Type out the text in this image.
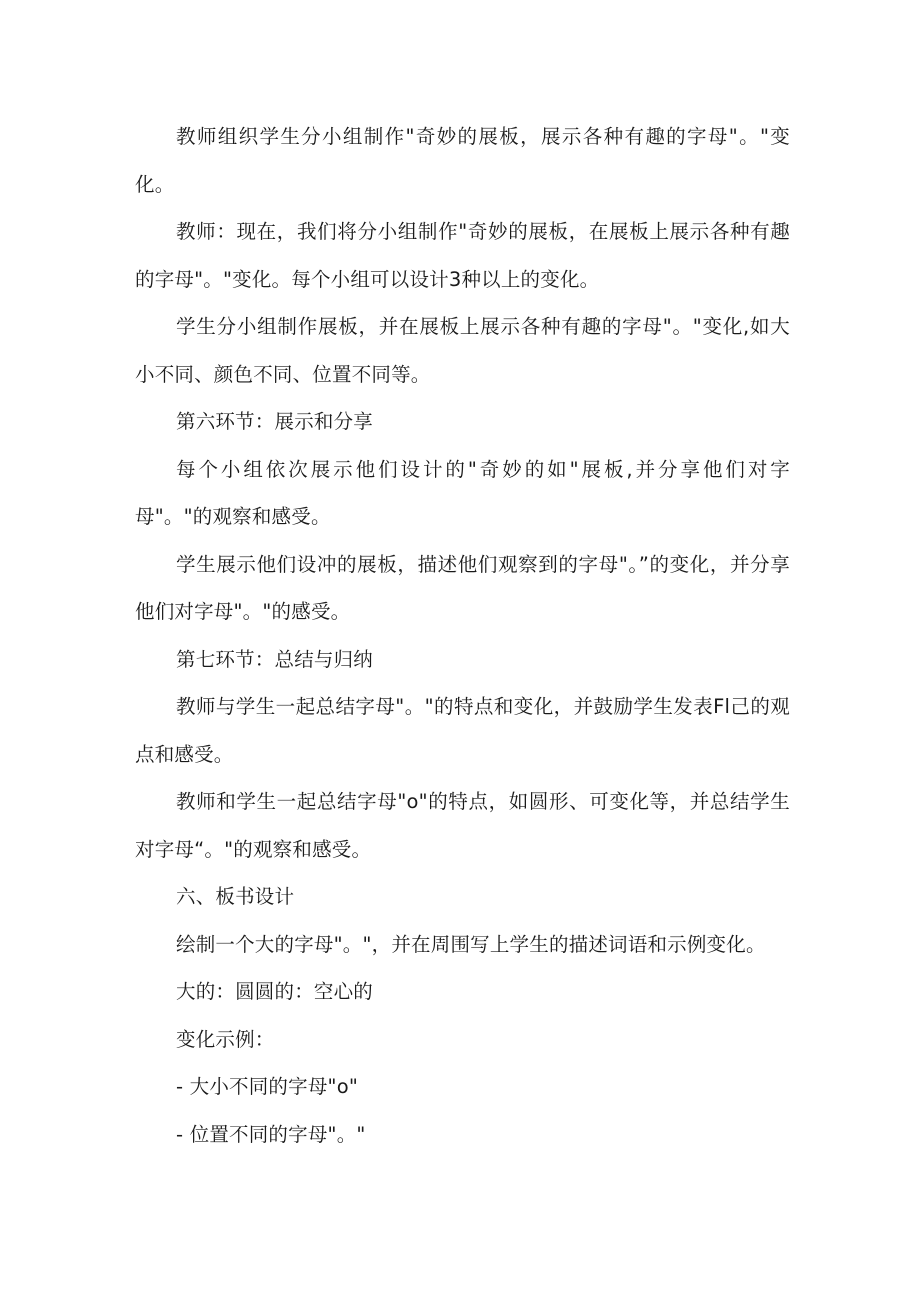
教师组织学生分小组制作"奇妙的展板，展示各种有趣的字母"。"变化。

教师：现在，我们将分小组制作"奇妙的展板，在展板上展示各种有趣的字母"。"变化。每个小组可以设计3种以上的变化。

学生分小组制作展板，并在展板上展示各种有趣的字母"。"变化,如大小不同、颜色不同、位置不同等。

第六环节：展示和分享

每个小组依次展示他们设计的"奇妙的如"展板,并分享他们对字母"。"的观察和感受。

学生展示他们设冲的展板，描述他们观察到的字母"。”的变化，并分享他们对字母"。"的感受。

第七环节：总结与归纳

教师与学生一起总结字母"。"的特点和变化，并鼓励学生发表Fl己的观点和感受。

教师和学生一起总结字母"o"的特点，如圆形、可变化等，并总结学生对字母“。"的观察和感受。

六、板书设计

绘制一个大的字母"。"，并在周围写上学生的描述词语和示例变化。

大的：圆圆的：空心的

变化示例：

- 大小不同的字母"o"

- 位置不同的字母"。"
